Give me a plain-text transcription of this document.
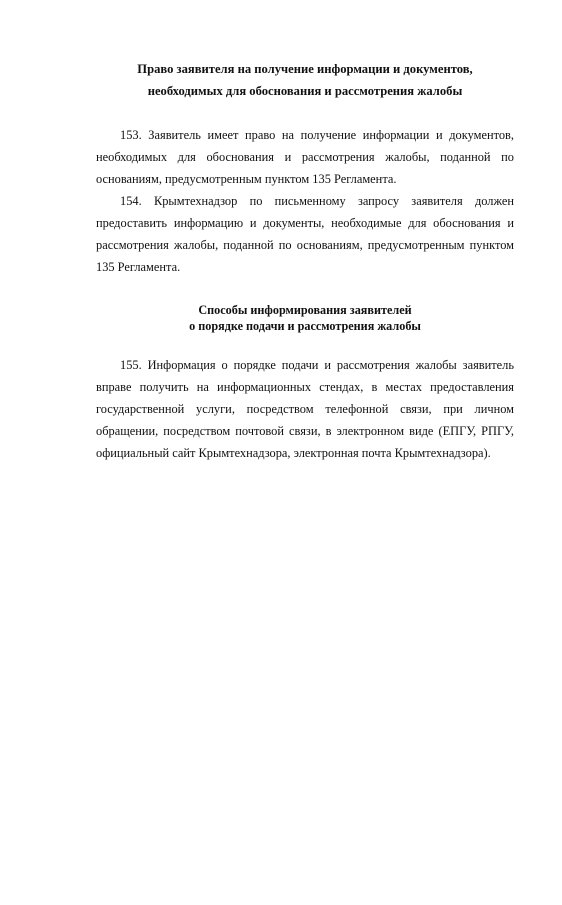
Право заявителя на получение информации и документов,
необходимых для обоснования и рассмотрения жалобы

153. Заявитель имеет право на получение информации и документов, необходимых для обоснования и рассмотрения жалобы, поданной по основаниям, предусмотренным пунктом 135 Регламента.

154. Крымтехнадзор по письменному запросу заявителя должен предоставить информацию и документы, необходимые для обоснования и рассмотрения жалобы, поданной по основаниям, предусмотренным пунктом 135 Регламента.

Способы информирования заявителей
о порядке подачи и рассмотрения жалобы

155. Информация о порядке подачи и рассмотрения жалобы заявитель вправе получить на информационных стендах, в местах предоставления государственной услуги, посредством телефонной связи, при личном обращении, посредством почтовой связи, в электронном виде (ЕПГУ, РПГУ, официальный сайт Крымтехнадзора, электронная почта Крымтехнадзора).
